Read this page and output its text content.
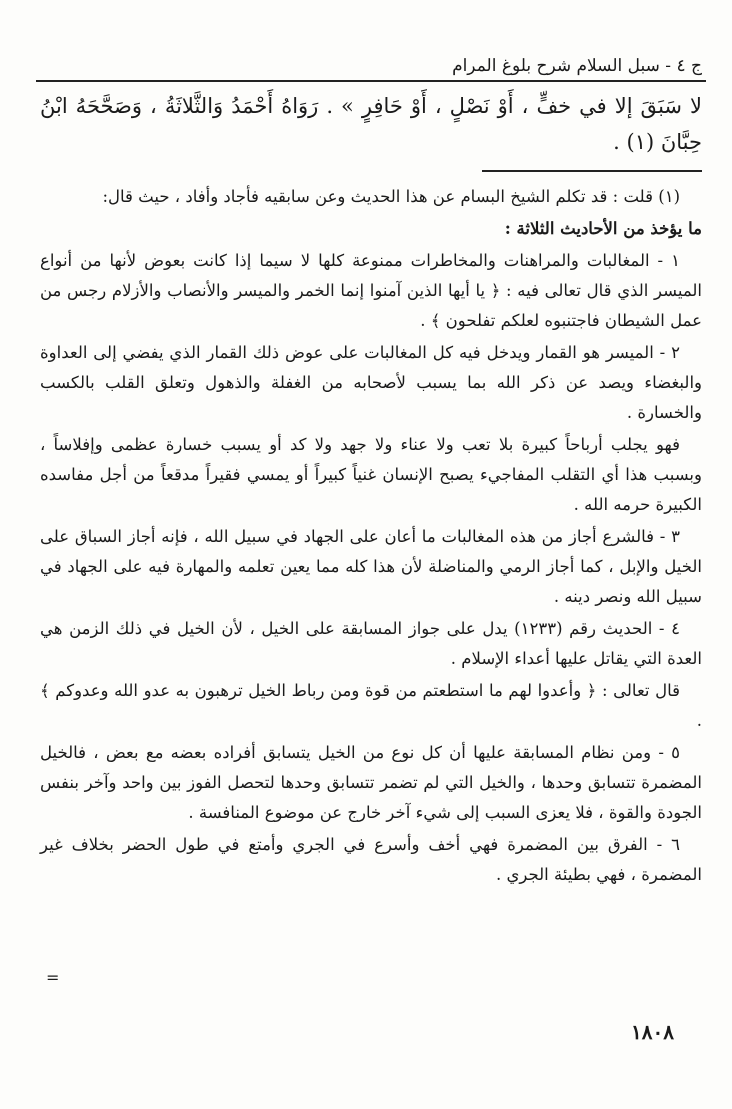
ج ٤ - سبل السلام شرح بلوغ المرام
لا سَبَقَ إلا في خفٍّ ، أَوْ نَصْلٍ ، أَوْ حَافِرٍ » . رَوَاهُ أَحْمَدُ وَالثَّلاثَةُ ، وَصَحَّحَهُ ابْنُ حِبَّانَ (١) .

(١) قلت : قد تكلم الشيخ البسام عن هذا الحديث وعن سابقيه فأجاد وأفاد ، حيث قال:

ما يؤخذ من الأحاديث الثلاثة :

١ - المغالبات والمراهنات والمخاطرات ممنوعة كلها لا سيما إذا كانت بعوض لأنها من أنواع الميسر الذي قال تعالى فيه : ﴿ يا أيها الذين آمنوا إنما الخمر والميسر والأنصاب والأزلام رجس من عمل الشيطان فاجتنبوه لعلكم تفلحون ﴾ .

٢ - الميسر هو القمار ويدخل فيه كل المغالبات على عوض ذلك القمار الذي يفضي إلى العداوة والبغضاء ويصد عن ذكر الله بما يسبب لأصحابه من الغفلة والذهول وتعلق القلب بالكسب والخسارة .

فهو يجلب أرباحاً كبيرة بلا تعب ولا عناء ولا جهد ولا كد أو يسبب خسارة عظمى وإفلاساً ، وبسبب هذا أي التقلب المفاجيء يصبح الإنسان غنياً كبيراً أو يمسي فقيراً مدقعاً من أجل مفاسده الكبيرة حرمه الله .

٣ - فالشرع أجاز من هذه المغالبات ما أعان على الجهاد في سبيل الله ، فإنه أجاز السباق على الخيل والإبل ، كما أجاز الرمي والمناضلة لأن هذا كله مما يعين تعلمه والمهارة فيه على الجهاد في سبيل الله ونصر دينه .

٤ - الحديث رقم (١٢٣٣) يدل على جواز المسابقة على الخيل ، لأن الخيل في ذلك الزمن هي العدة التي يقاتل عليها أعداء الإسلام .

قال تعالى : ﴿ وأعدوا لهم ما استطعتم من قوة ومن رباط الخيل ترهبون به عدو الله وعدوكم ﴾ .

٥ - ومن نظام المسابقة عليها أن كل نوع من الخيل يتسابق أفراده بعضه مع بعض ، فالخيل المضمرة تتسابق وحدها ، والخيل التي لم تضمر تتسابق وحدها لتحصل الفوز بين واحد وآخر بنفس الجودة والقوة ، فلا يعزى السبب إلى شيء آخر خارج عن موضوع المنافسة .

٦ - الفرق بين المضمرة فهي أخف وأسرع في الجري وأمتع في طول الحضر بخلاف غير المضمرة ، فهي بطيئة الجري .

=
١٨٠٨
